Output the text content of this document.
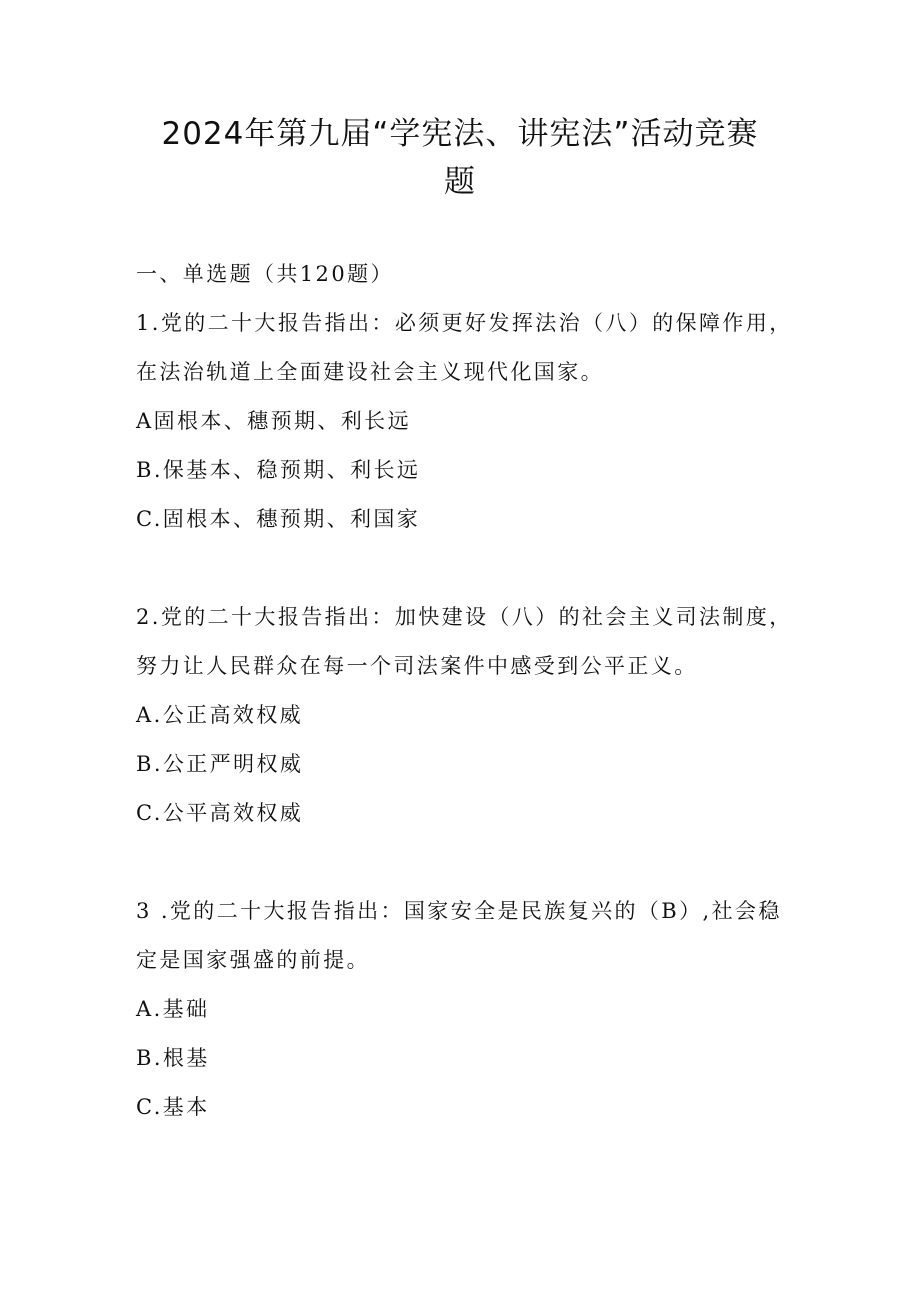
2024年第九届“学宪法、讲宪法”活动竞赛
题
一、单选题（共120题）
1.党的二十大报告指出：必须更好发挥法治（八）的保障作用，
在法治轨道上全面建设社会主义现代化国家。
A固根本、穗预期、利长远
B.保基本、稳预期、利长远
C.固根本、穗预期、利国家
2.党的二十大报告指出：加快建设（八）的社会主义司法制度，
努力让人民群众在每一个司法案件中感受到公平正义。
A.公正高效权威
B.公正严明权威
C.公平高效权威
3 .党的二十大报告指出：国家安全是民族复兴的（B）,社会稳
定是国家强盛的前提。
A.基础
B.根基
C.基本
